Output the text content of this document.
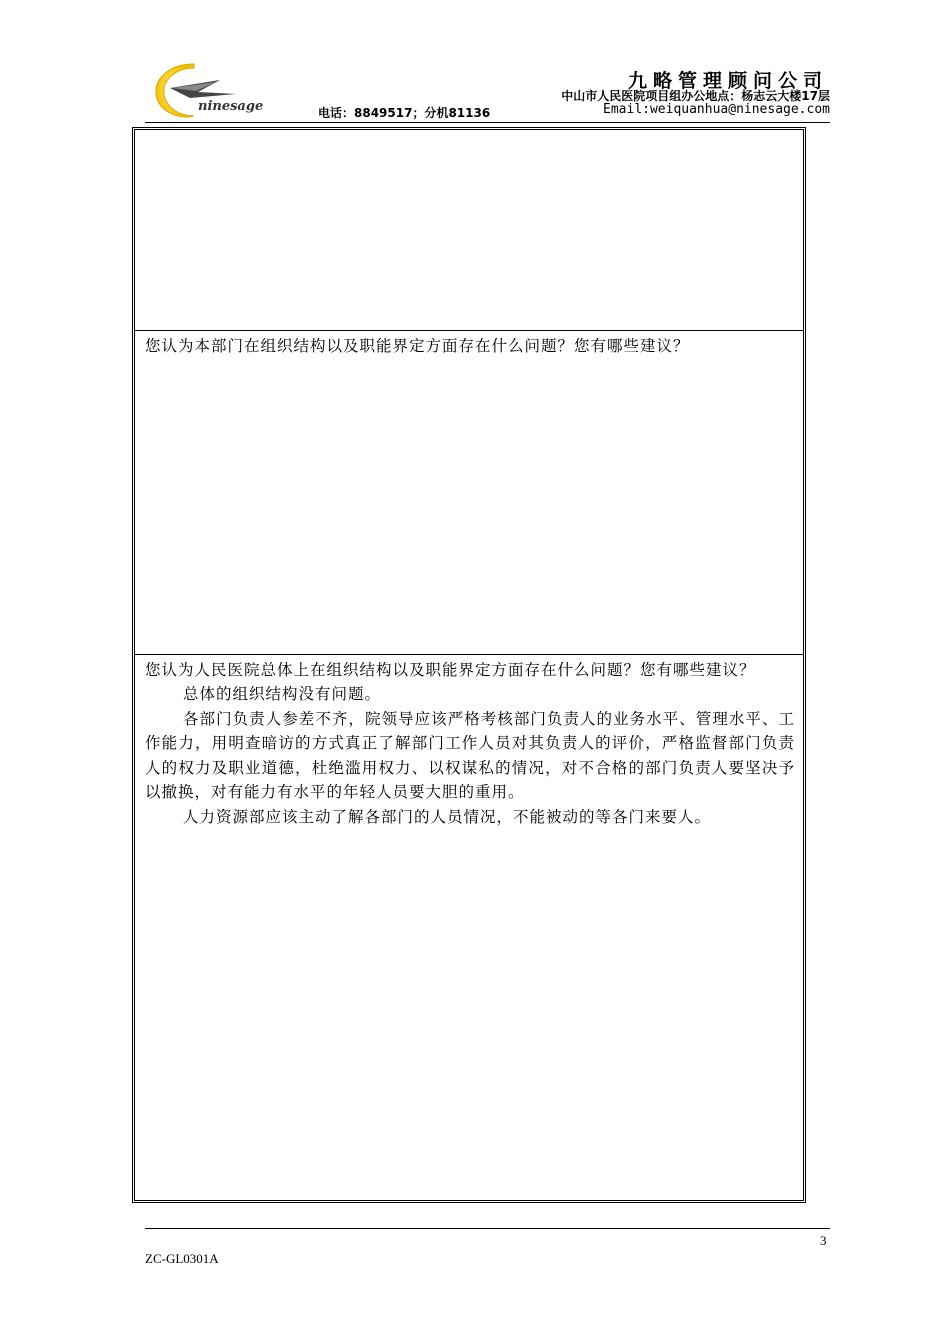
ninesage
九略管理顾问公司
中山市人民医院项目组办公地点：杨志云大楼17层
电话：8849517；分机81136	Email:weiquanhua@ninesage.com
您认为本部门在组织结构以及职能界定方面存在什么问题？您有哪些建议？
您认为人民医院总体上在组织结构以及职能界定方面存在什么问题？您有哪些建议？

总体的组织结构没有问题。

各部门负责人参差不齐，院领导应该严格考核部门负责人的业务水平、管理水平、工作能力，用明查暗访的方式真正了解部门工作人员对其负责人的评价，严格监督部门负责人的权力及职业道德，杜绝滥用权力、以权谋私的情况，对不合格的部门负责人要坚决予以撤换，对有能力有水平的年轻人员要大胆的重用。

人力资源部应该主动了解各部门的人员情况，不能被动的等各门来要人。

3
ZC-GL0301A
